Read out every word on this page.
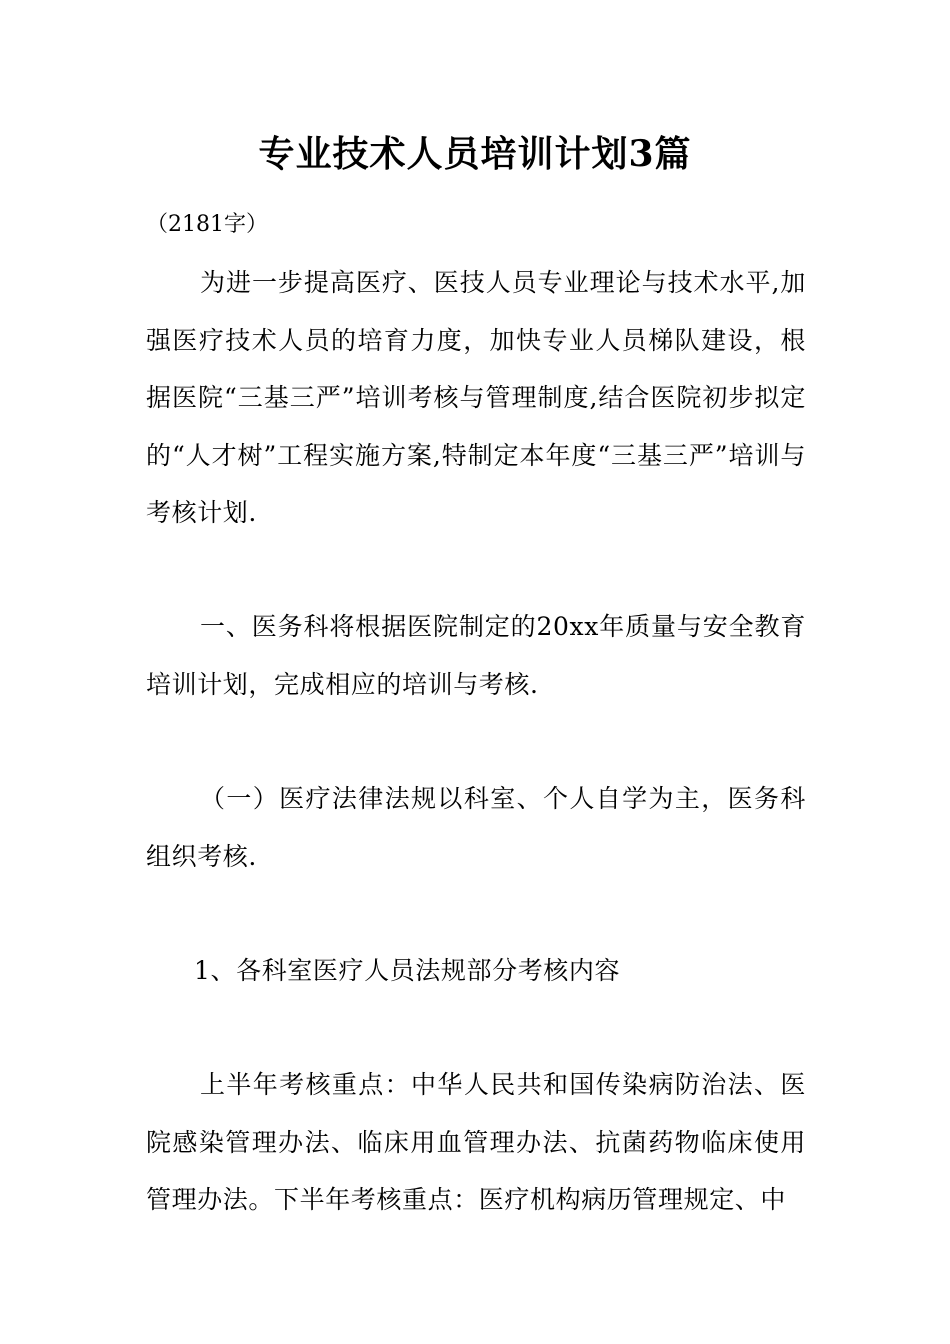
专业技术人员培训计划3篇

（2181字）

为进一步提高医疗、医技人员专业理论与技术水平,加强医疗技术人员的培育力度，加快专业人员梯队建设，根据医院“三基三严”培训考核与管理制度,结合医院初步拟定的“人才树”工程实施方案,特制定本年度“三基三严”培训与考核计划.

一、医务科将根据医院制定的20xx年质量与安全教育培训计划，完成相应的培训与考核.

（一）医疗法律法规以科室、个人自学为主，医务科组织考核.

1、各科室医疗人员法规部分考核内容

上半年考核重点：中华人民共和国传染病防治法、医院感染管理办法、临床用血管理办法、抗菌药物临床使用管理办法。下半年考核重点：医疗机构病历管理规定、中
